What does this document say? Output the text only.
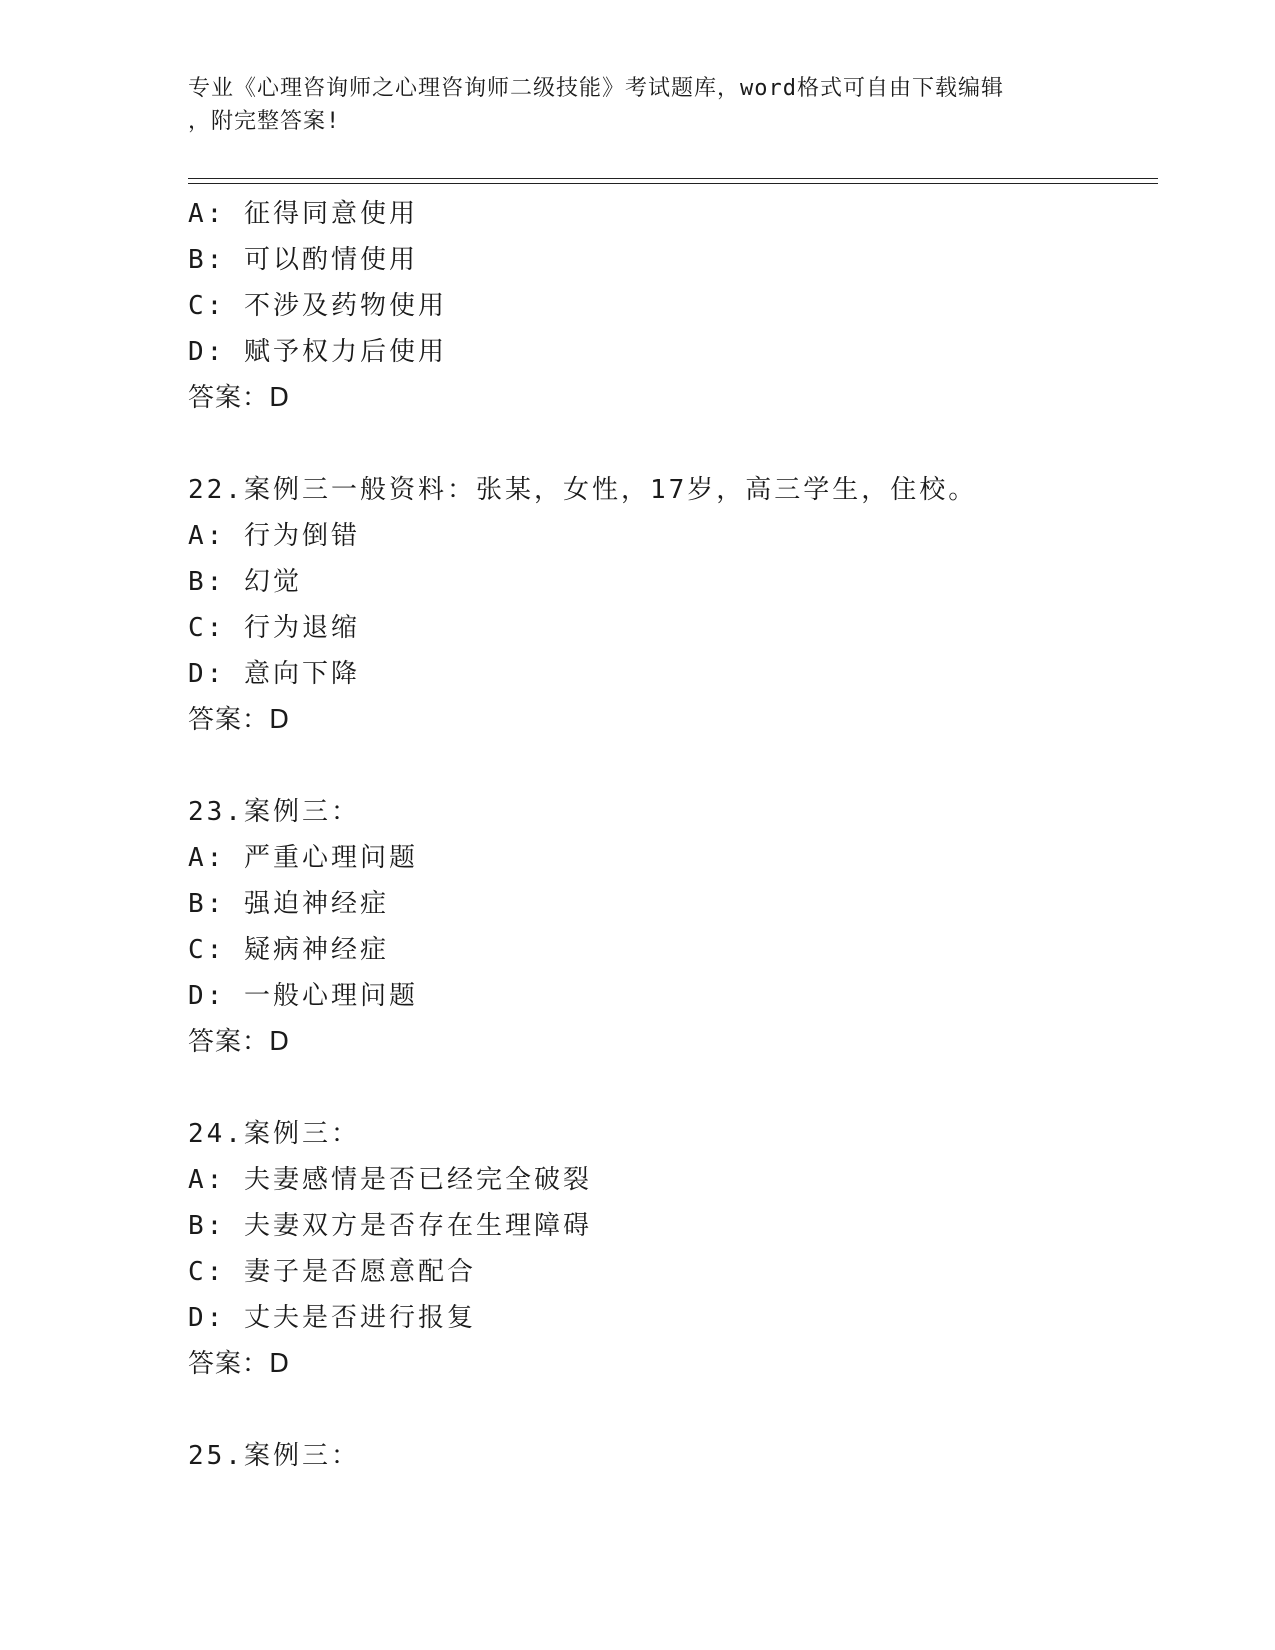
专业《心理咨询师之心理咨询师二级技能》考试题库，word格式可自由下载编辑
，附完整答案!
A: 征得同意使用
B: 可以酌情使用
C: 不涉及药物使用
D: 赋予权力后使用
答案：D
22.案例三一般资料：张某，女性，17岁，高三学生，住校。
A: 行为倒错
B: 幻觉
C: 行为退缩
D: 意向下降
答案：D
23.案例三：
A: 严重心理问题
B: 强迫神经症
C: 疑病神经症
D: 一般心理问题
答案：D
24.案例三：
A: 夫妻感情是否已经完全破裂
B: 夫妻双方是否存在生理障碍
C: 妻子是否愿意配合
D: 丈夫是否进行报复
答案：D
25.案例三：
